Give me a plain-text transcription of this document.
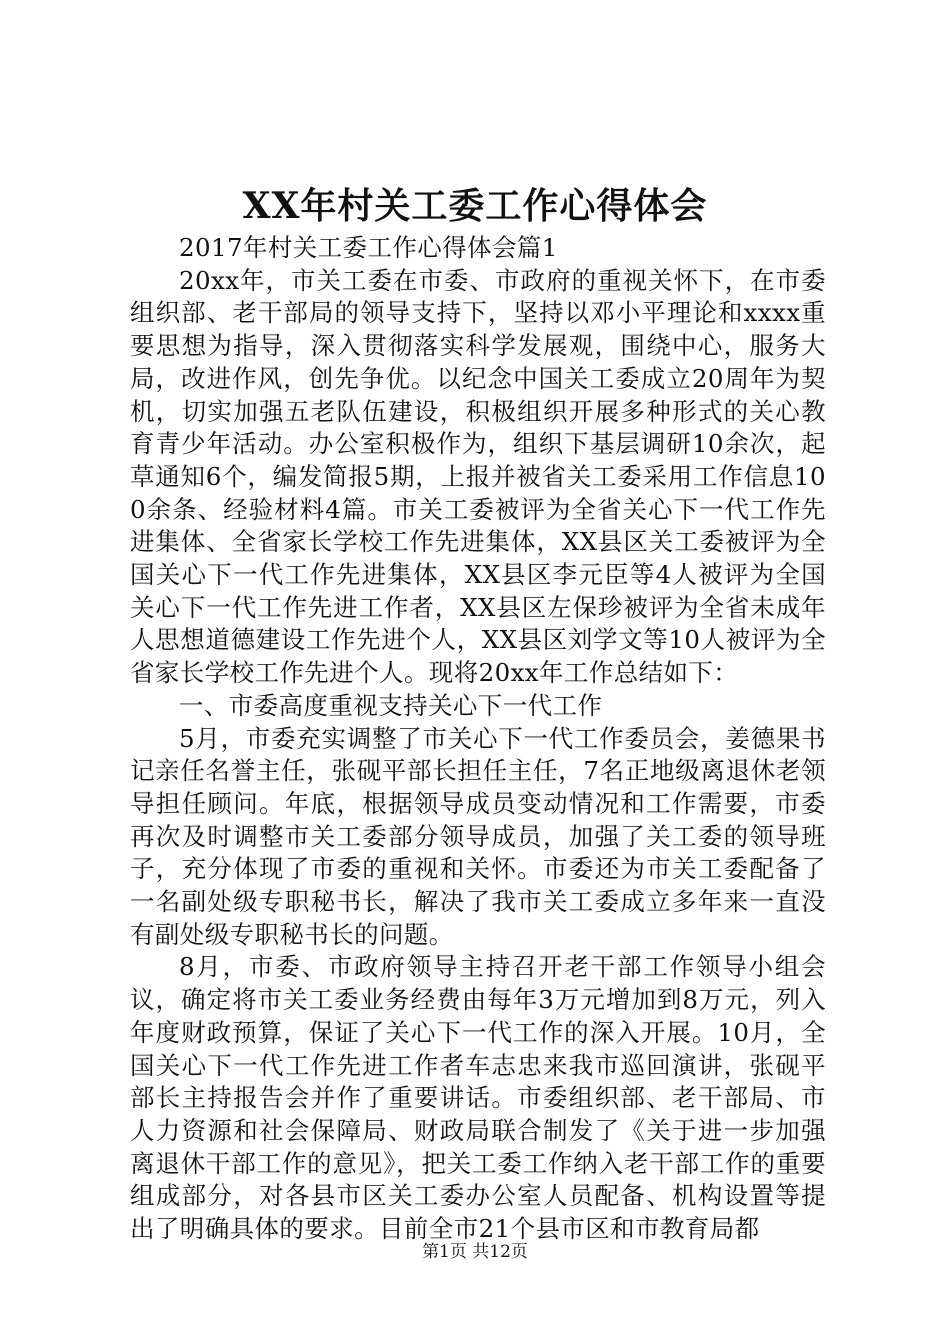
XX年村关工委工作心得体会

2017年村关工委工作心得体会篇1

20xx年，市关工委在市委、市政府的重视关怀下，在市委组织部、老干部局的领导支持下，坚持以邓小平理论和xxxx重要思想为指导，深入贯彻落实科学发展观，围绕中心，服务大局，改进作风，创先争优。以纪念中国关工委成立20周年为契机，切实加强五老队伍建设，积极组织开展多种形式的关心教育青少年活动。办公室积极作为，组织下基层调研10余次，起草通知6个，编发简报5期，上报并被省关工委采用工作信息100余条、经验材料4篇。市关工委被评为全省关心下一代工作先进集体、全省家长学校工作先进集体，XX县区关工委被评为全国关心下一代工作先进集体，XX县区李元臣等4人被评为全国关心下一代工作先进工作者，XX县区左保珍被评为全省未成年人思想道德建设工作先进个人，XX县区刘学文等10人被评为全省家长学校工作先进个人。现将20xx年工作总结如下：

一、市委高度重视支持关心下一代工作

5月，市委充实调整了市关心下一代工作委员会，姜德果书记亲任名誉主任，张砚平部长担任主任，7名正地级离退休老领导担任顾问。年底，根据领导成员变动情况和工作需要，市委再次及时调整市关工委部分领导成员，加强了关工委的领导班子，充分体现了市委的重视和关怀。市委还为市关工委配备了一名副处级专职秘书长，解决了我市关工委成立多年来一直没有副处级专职秘书长的问题。

8月，市委、市政府领导主持召开老干部工作领导小组会议，确定将市关工委业务经费由每年3万元增加到8万元，列入年度财政预算，保证了关心下一代工作的深入开展。10月，全国关心下一代工作先进工作者车志忠来我市巡回演讲，张砚平部长主持报告会并作了重要讲话。市委组织部、老干部局、市人力资源和社会保障局、财政局联合制发了《关于进一步加强离退休干部工作的意见》，把关工委工作纳入老干部工作的重要组成部分，对各县市区关工委办公室人员配备、机构设置等提出了明确具体的要求。目前全市21个县市区和市教育局都

第1页 共12页
